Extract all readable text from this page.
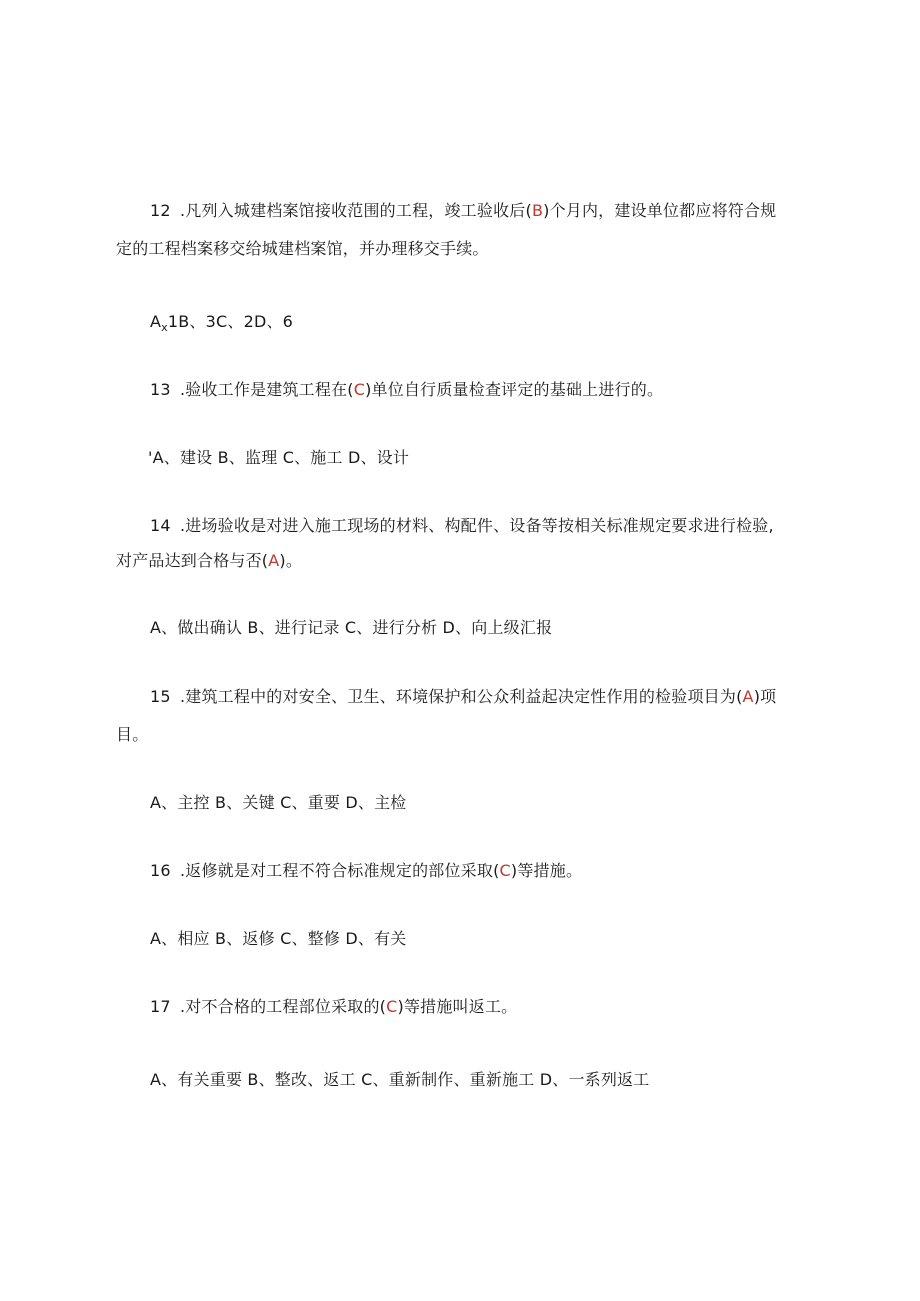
12 .凡列入城建档案馆接收范围的工程，竣工验收后(B)个月内，建设单位都应将符合规
定的工程档案移交给城建档案馆，并办理移交手续。
$A_x1B$、3C、2D、6
13 .验收工作是建筑工程在(C)单位自行质量检查评定的基础上进行的。
'A、建设 B、监理 C、施工 D、设计
14 .进场验收是对进入施工现场的材料、构配件、设备等按相关标准规定要求进行检验,
对产品达到合格与否(A)。
A、做出确认 B、进行记录 C、进行分析 D、向上级汇报
15 .建筑工程中的对安全、卫生、环境保护和公众利益起决定性作用的检验项目为(A)项
目。
A、主控 B、关键 C、重要 D、主检
16 .返修就是对工程不符合标准规定的部位采取(C)等措施。
A、相应 B、返修 C、整修 D、有关
17 .对不合格的工程部位采取的(C)等措施叫返工。
A、有关重要 B、整改、返工 C、重新制作、重新施工 D、一系列返工
